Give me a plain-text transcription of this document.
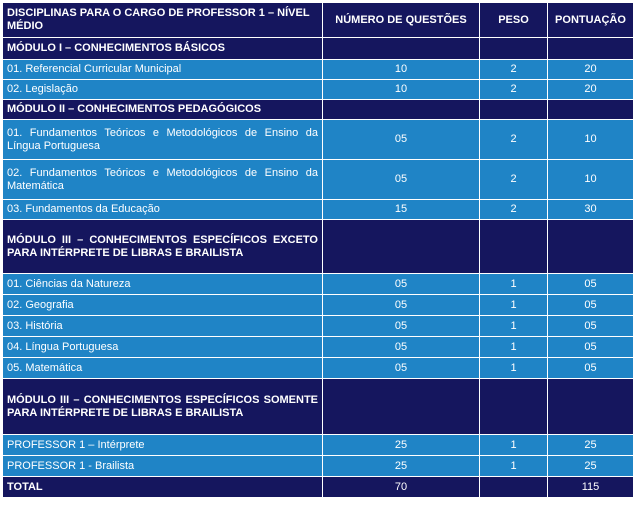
DISCIPLINAS PARA O CARGO DE PROFESSOR 1 – NÍVEL MÉDIO	NÚMERO DE QUESTÕES	PESO	PONTUAÇÃO
MÓDULO I – CONHECIMENTOS BÁSICOS			
01. Referencial Curricular Municipal	10	2	20
02. Legislação	10	2	20
MÓDULO II – CONHECIMENTOS PEDAGÓGICOS			
01. Fundamentos Teóricos e Metodológicos de Ensino da Língua Portuguesa	05	2	10
02. Fundamentos Teóricos e Metodológicos de Ensino da Matemática	05	2	10
03. Fundamentos da Educação	15	2	30
MÓDULO III – CONHECIMENTOS ESPECÍFICOS EXCETO PARA INTÉRPRETE DE LIBRAS E BRAILISTA			
01. Ciências da Natureza	05	1	05
02. Geografia	05	1	05
03. História	05	1	05
04. Língua Portuguesa	05	1	05
05. Matemática	05	1	05
MÓDULO III – CONHECIMENTOS ESPECÍFICOS SOMENTE PARA INTÉRPRETE DE LIBRAS E BRAILISTA			
PROFESSOR 1 – Intérprete	25	1	25
PROFESSOR 1 - Brailista	25	1	25
TOTAL	70		115
